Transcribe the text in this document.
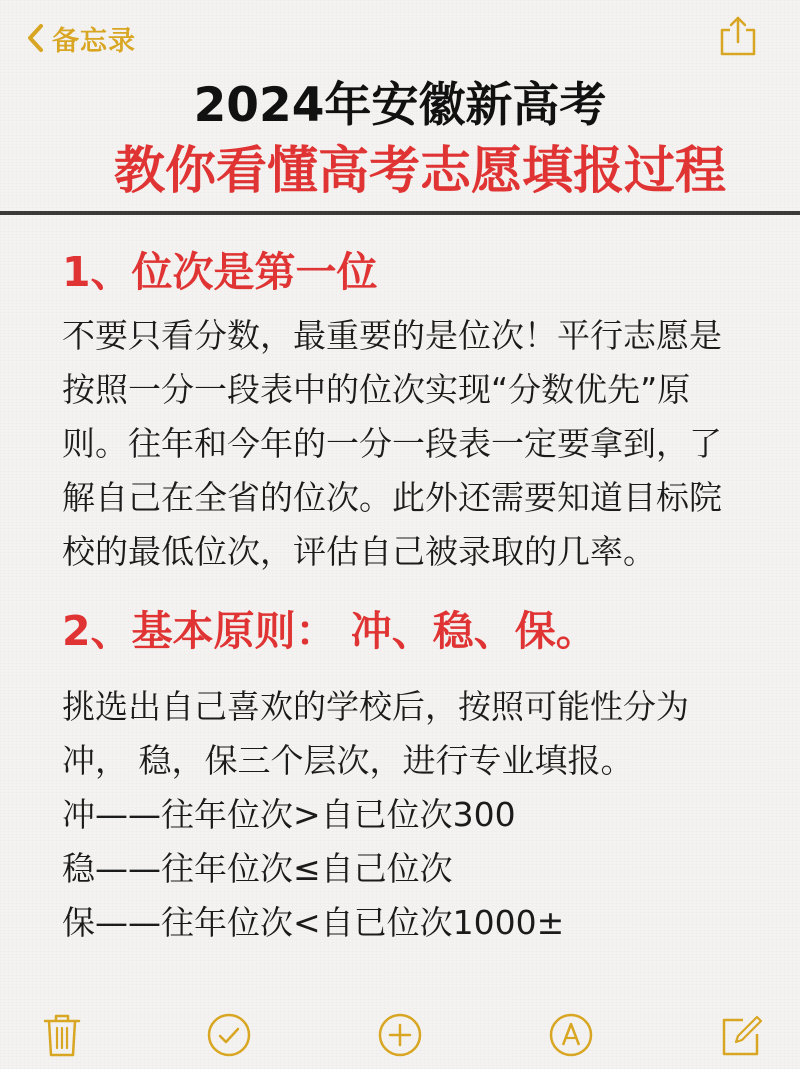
备忘录
2024年安徽新高考
教你看懂高考志愿填报过程
1、位次是第一位

不要只看分数，最重要的是位次！平行志愿是
按照一分一段表中的位次实现“分数优先”原
则。往年和今年的一分一段表一定要拿到，了
解自己在全省的位次。此外还需要知道目标院
校的最低位次，评估自己被录取的几率。

2、基本原则： 冲、稳、保。

挑选出自己喜欢的学校后，按照可能性分为
冲， 稳，保三个层次，进行专业填报。
冲——往年位次>自已位次300
稳——往年位次≤自己位次
保——往年位次<自已位次1000±
